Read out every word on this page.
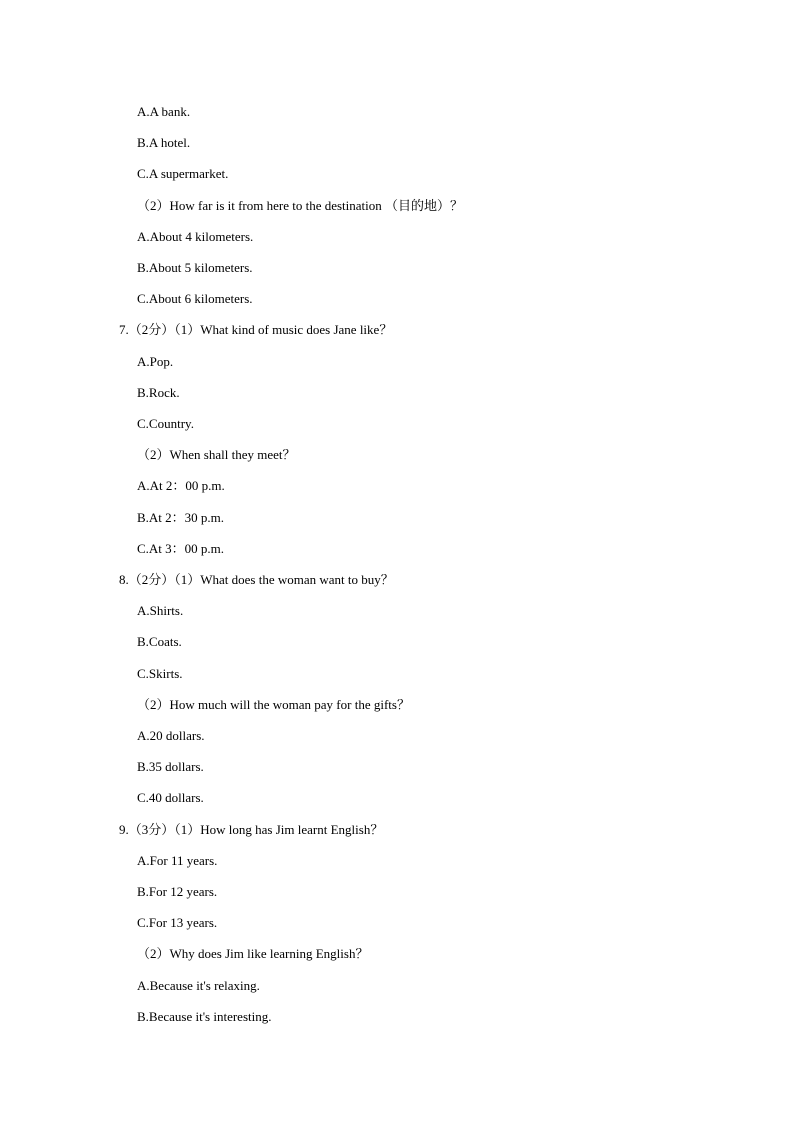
A.A bank.
B.A hotel.
C.A supermarket.
（2）How far is it from here to the destination （目的地）？
A.About 4 kilometers.
B.About 5 kilometers.
C.About 6 kilometers.
7.（2分）（1）What kind of music does Jane like？
A.Pop.
B.Rock.
C.Country.
（2）When shall they meet？
A.At 2：00 p.m.
B.At 2：30 p.m.
C.At 3：00 p.m.
8.（2分）（1）What does the woman want to buy？
A.Shirts.
B.Coats.
C.Skirts.
（2）How much will the woman pay for the gifts？
A.20 dollars.
B.35 dollars.
C.40 dollars.
9.（3分）（1）How long has Jim learnt English？
A.For 11 years.
B.For 12 years.
C.For 13 years.
（2）Why does Jim like learning English？
A.Because it's relaxing.
B.Because it's interesting.
